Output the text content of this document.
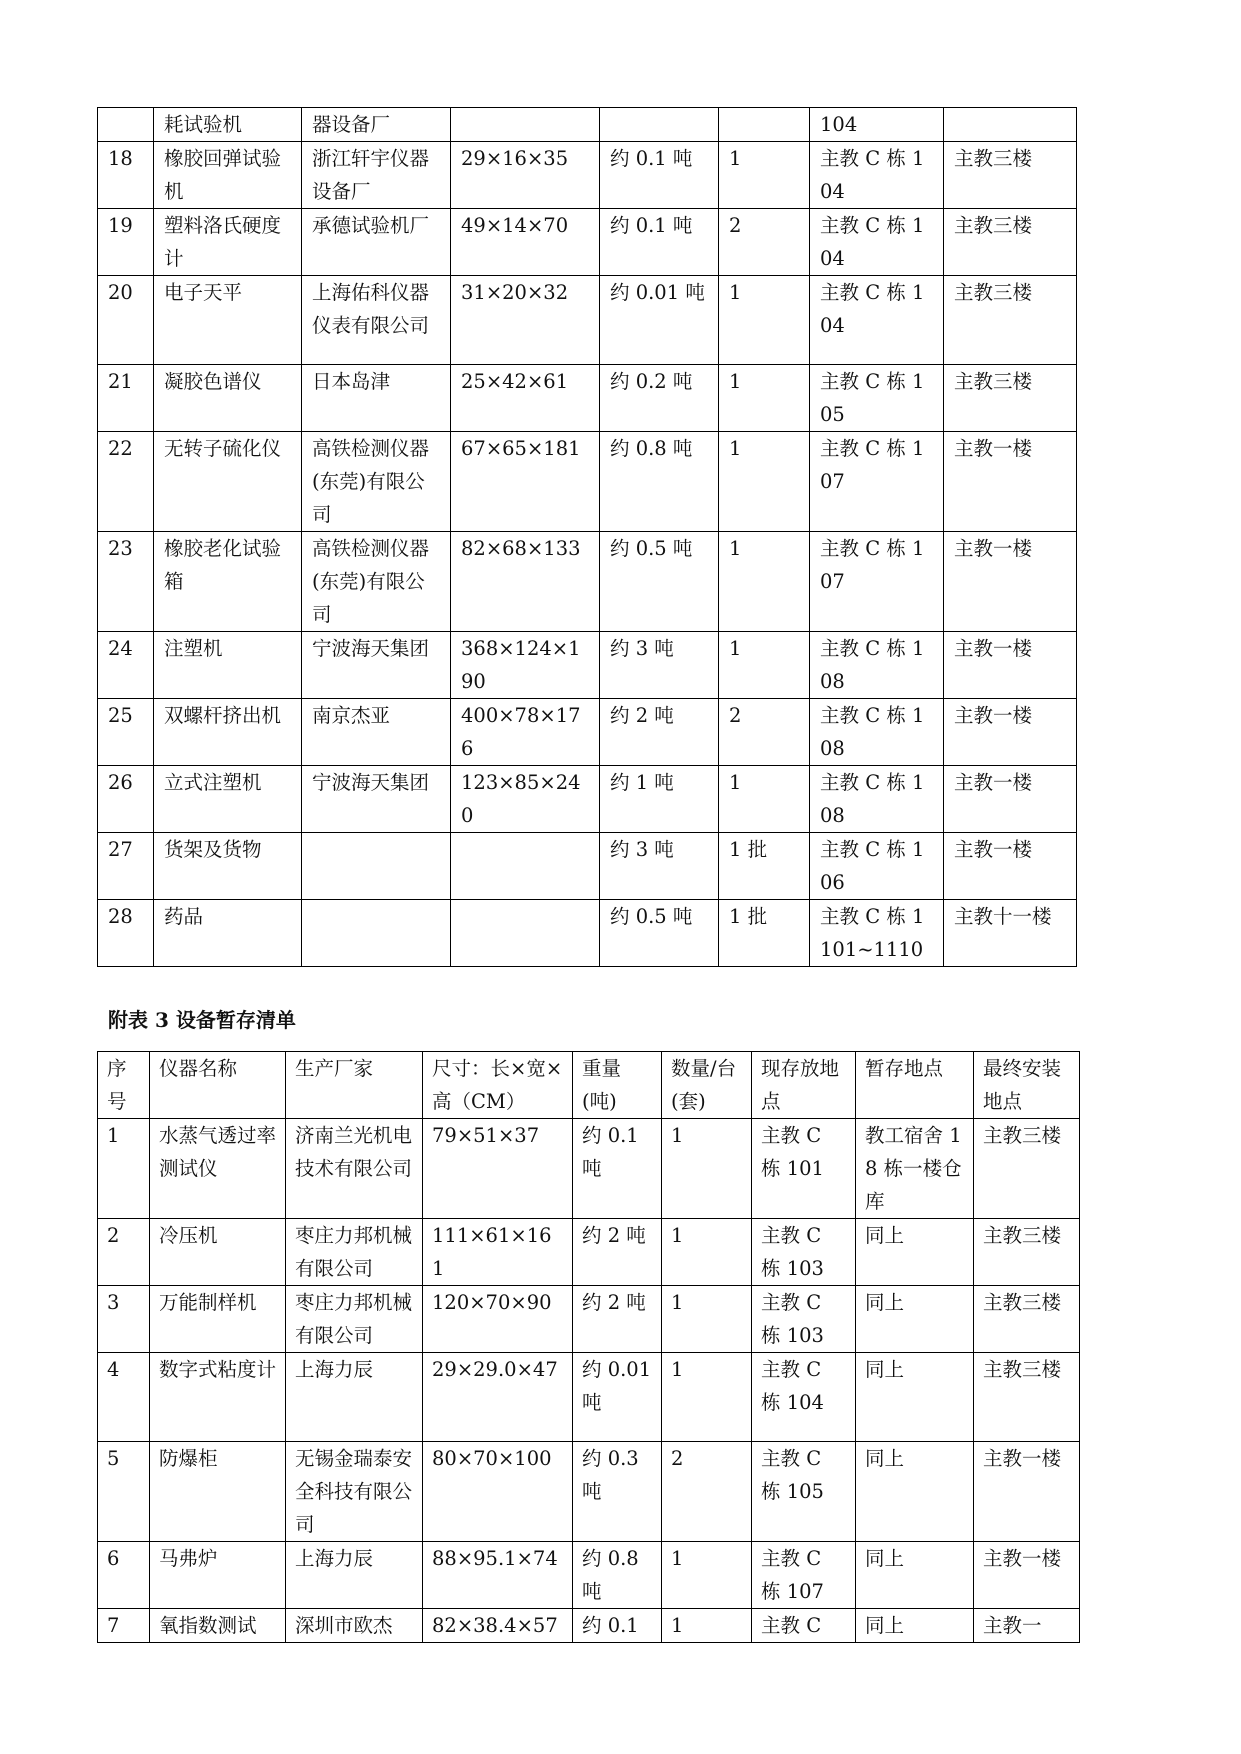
	耗试验机	器设备厂				104	
18	橡胶回弹试验机	浙江轩宇仪器设备厂	29×16×35	约 0.1 吨	1	主教 C 栋 104	主教三楼
19	塑料洛氏硬度计	承德试验机厂	49×14×70	约 0.1 吨	2	主教 C 栋 104	主教三楼
20	电子天平	上海佑科仪器仪表有限公司	31×20×32	约 0.01 吨	1	主教 C 栋 104	主教三楼
21	凝胶色谱仪	日本岛津	25×42×61	约 0.2 吨	1	主教 C 栋 105	主教三楼
22	无转子硫化仪	高铁检测仪器(东莞)有限公司	67×65×181	约 0.8 吨	1	主教 C 栋 107	主教一楼
23	橡胶老化试验箱	高铁检测仪器(东莞)有限公司	82×68×133	约 0.5 吨	1	主教 C 栋 107	主教一楼
24	注塑机	宁波海天集团	368×124×190	约 3 吨	1	主教 C 栋 108	主教一楼
25	双螺杆挤出机	南京杰亚	400×78×176	约 2 吨	2	主教 C 栋 108	主教一楼
26	立式注塑机	宁波海天集团	123×85×240	约 1 吨	1	主教 C 栋 108	主教一楼
27	货架及货物			约 3 吨	1 批	主教 C 栋 106	主教一楼
28	药品			约 0.5 吨	1 批	主教 C 栋 1101~1110	主教十一楼
附表 3 设备暂存清单
序号	仪器名称	生产厂家	尺寸：长×宽×高（CM）	重量(吨)	数量/台(套)	现存放地点	暂存地点	最终安装地点
1	水蒸气透过率测试仪	济南兰光机电技术有限公司	79×51×37	约 0.1 吨	1	主教 C 栋 101	教工宿舍 18 栋一楼仓库	主教三楼
2	冷压机	枣庄力邦机械有限公司	111×61×161	约 2 吨	1	主教 C 栋 103	同上	主教三楼
3	万能制样机	枣庄力邦机械有限公司	120×70×90	约 2 吨	1	主教 C 栋 103	同上	主教三楼
4	数字式粘度计	上海力辰	29×29.0×47	约 0.01 吨	1	主教 C 栋 104	同上	主教三楼
5	防爆柜	无锡金瑞泰安全科技有限公司	80×70×100	约 0.3 吨	2	主教 C 栋 105	同上	主教一楼
6	马弗炉	上海力辰	88×95.1×74	约 0.8 吨	1	主教 C 栋 107	同上	主教一楼
7	氧指数测试	深圳市欧杰	82×38.4×57	约 0.1	1	主教 C	同上	主教一
